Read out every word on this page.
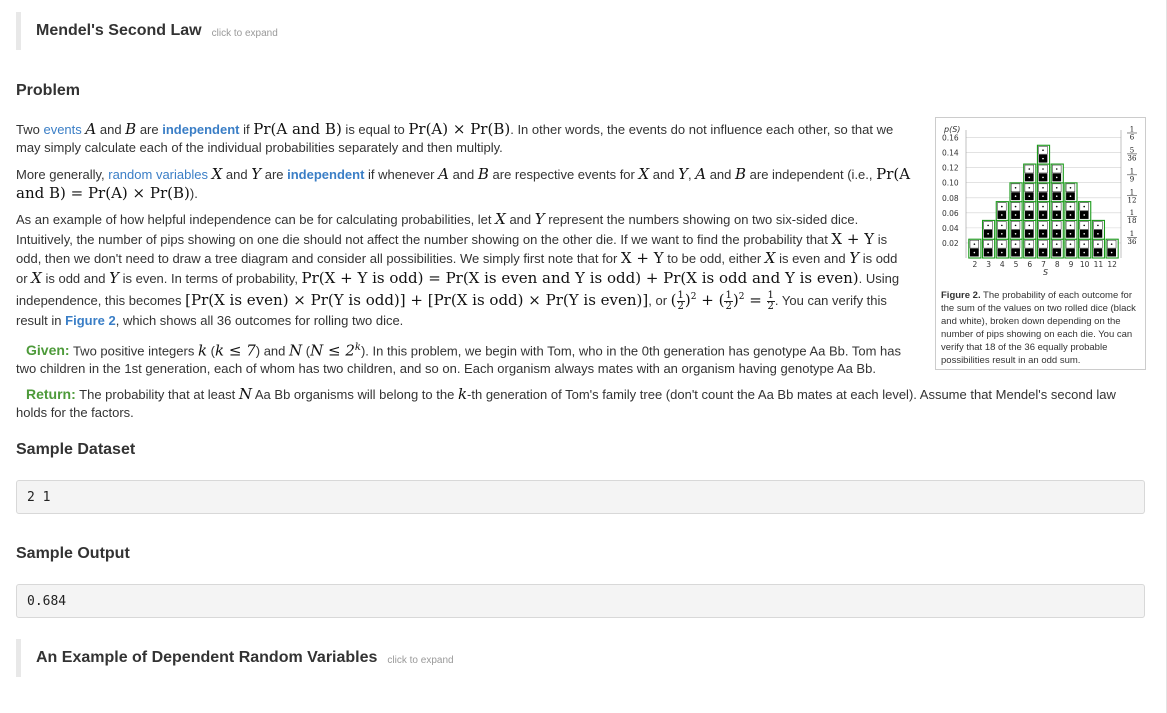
Mendel's Second Law click to expand
Problem

Two events A and B are independent if Pr(A and B) is equal to Pr(A) × Pr(B). In other words, the events do not influence each other, so that we may simply calculate each of the individual probabilities separately and then multiply.

More generally, random variables X and Y are independent if whenever A and B are respective events for X and Y, A and B are independent (i.e., Pr(A and B) = Pr(A) × Pr(B)).

As an example of how helpful independence can be for calculating probabilities, let X and Y represent the numbers showing on two six-sided dice. Intuitively, the number of pips showing on one die should not affect the number showing on the other die. If we want to find the probability that X + Y is odd, then we don't need to draw a tree diagram and consider all possibilities. We simply first note that for X + Y to be odd, either X is even and Y is odd or X is odd and Y is even. In terms of probability, Pr(X + Y is odd) = Pr(X is even and Y is odd) + Pr(X is odd and Y is even). Using independence, this becomes [Pr(X is even) × Pr(Y is odd)] + [Pr(X is odd) × Pr(Y is even)], or ( $\frac{1}{2} )^2$ + ( $\frac{1}{2} )^2 = \frac{1}{2}$ . You can verify this result in Figure 2, which shows all 36 outcomes for rolling two dice.

Given: Two positive integers k (k ≤ 7) and N $(N \le 2^k)$. In this problem, we begin with Tom, who in the 0th generation has genotype Aa Bb. Tom has two children in the 1st generation, each of whom has two children, and so on. Each organism always mates with an organism having genotype Aa Bb.

Return: The probability that at least N Aa Bb organisms will belong to the k-th generation of Tom's family tree (don't count the Aa Bb mates at each level). Assume that Mendel's second law holds for the factors.

p(S)
0.16
0.14
0.12
0.10
0.08
0.06
0.04
0.02
2 3 4 5 6 7 8 9 10 11 12
1
6
5
36
1
9
1
12
1
18
1
36
S
Figure 2. The probability of each outcome for the sum of the values on two rolled dice (black and white), broken down depending on the number of pips showing on each die. You can verify that 18 of the 36 equally probable possibilities result in an odd sum.
Sample Dataset
2 1
Sample Output
0.684
An Example of Dependent Random Variables click to expand
